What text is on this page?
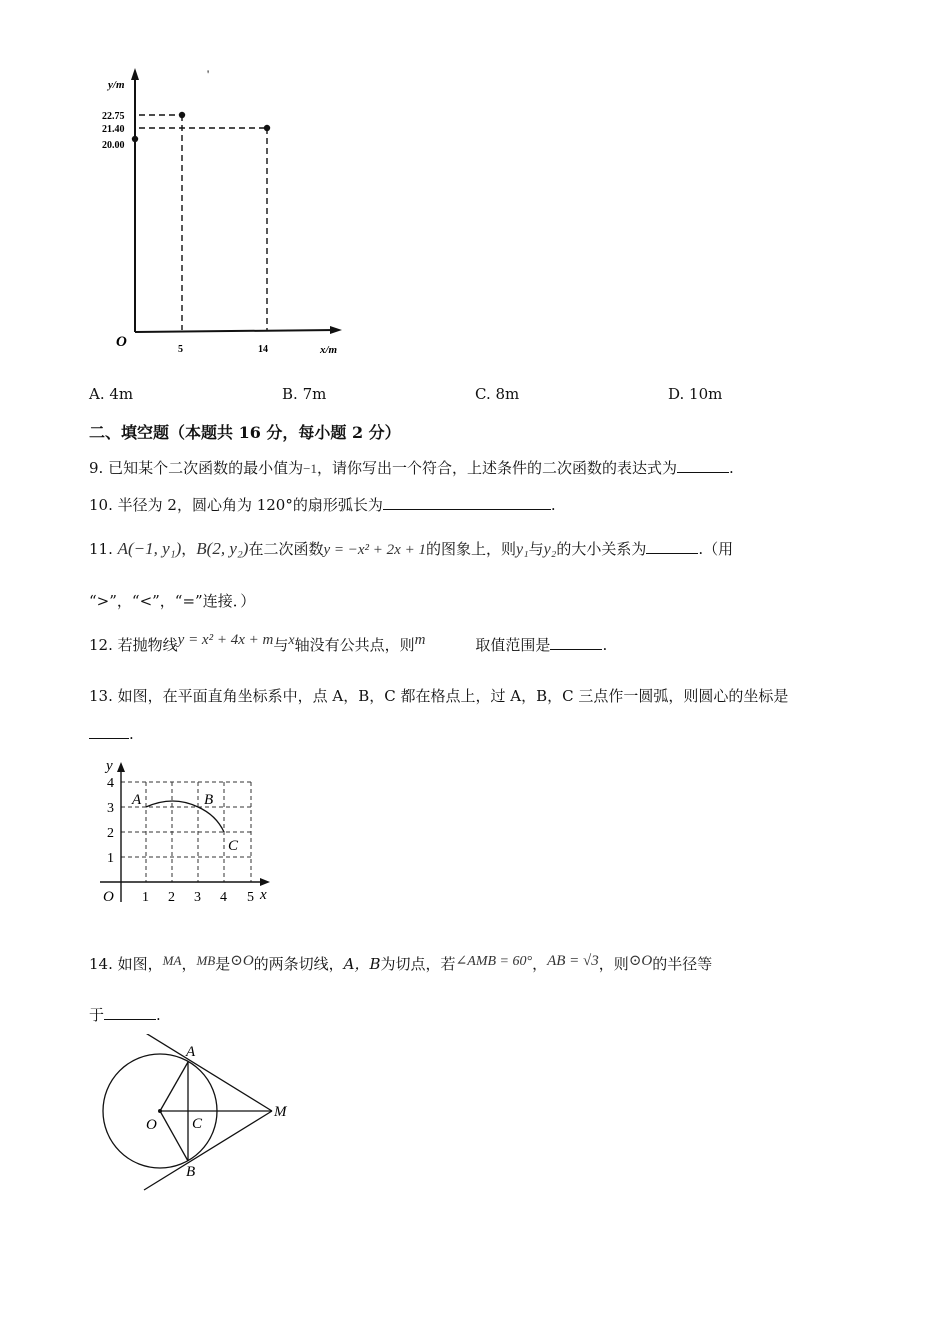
'
y/m
x/m
O
22.75
21.40
20.00
5	14
A. 4m	B. 7m	C. 8m	D. 10m
二、填空题（本题共 16 分，每小题 2 分）
9. 已知某个二次函数的最小值为−1，请你写出一个符合，上述条件的二次函数的表达式为	.
10. 半径为 2，圆心角为 120°的扇形弧长为	.
11. A(−1, y₁)，B(2, y₂)在二次函数y = −x² + 2x + 1的图象上，则y₁与y₂的大小关系为	.（用
“>”，“<”，“=”连接．）
12. 若抛物线y = x² + 4x + m与x轴没有公共点，则m	取值范围是	.
13. 如图，在平面直角坐标系中，点 A，B，C 都在格点上，过 A，B，C 三点作一圆弧，则圆心的坐标是
.
y
x
O 1 2 3 4 5
1
2
3
4
A	B
C
14. 如图，MA，MB是⊙O的两条切线，A，B为切点，若∠AMB = 60°，AB = √3，则⊙O的半径等
于	.
A
B
C
O
M
